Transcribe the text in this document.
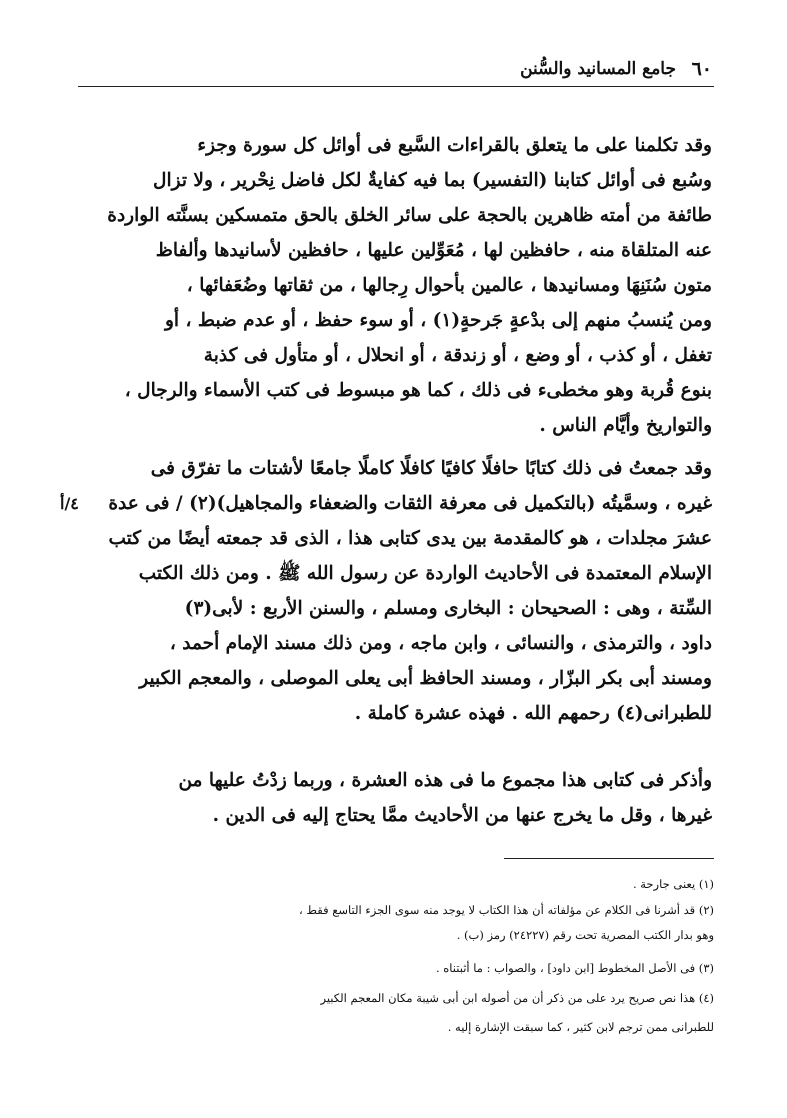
٦٠
جامع المسانيد والسُّنن
وقد تكلمنا على ما يتعلق بالقراءات السَّبع فى أوائل كل سورة وجزء
وسُبع فى أوائل كتابنا (التفسير) بما فيه كفايةٌ لكل فاضل نِحْرير ، ولا تزال
طائفة من أمته ظاهرين بالحجة على سائر الخلق بالحق متمسكين بسنَّته الواردة
عنه المتلقاة منه ، حافظين لها ، مُعَوِّلين عليها ، حافظين لأسانيدها وألفاظ
متون سُنَنِهَا ومسانيدها ، عالمين بأحوال رِجالها ، من ثقاتها وضُعَفائها ،
ومن يُنسبُ منهم إلى بدْعةٍ جَرحةٍ(١) ، أو سوء حفظ ، أو عدم ضبط ، أو
تغفل ، أو كذب ، أو وضع ، أو زندقة ، أو انحلال ، أو متأول فى كذبة
بنوع قُربة وهو مخطىء فى ذلك ، كما هو مبسوط فى كتب الأسماء والرجال ،
والتواريخ وأيَّام الناس .
٤/أ
وقد جمعتُ فى ذلك كتابًا حافلًا كافيًا كافلًا كاملًا جامعًا لأشتات ما تفرّق فى
غيره ، وسمَّيتُه (بالتكميل فى معرفة الثقات والضعفاء والمجاهيل)(٢) / فى عدة
عشرَ مجلدات ، هو كالمقدمة بين يدى كتابى هذا ، الذى قد جمعته أيضًا من كتب
الإسلام المعتمدة فى الأحاديث الواردة عن رسول الله ﷺ . ومن ذلك الكتب
السِّتة ، وهى : الصحيحان : البخارى ومسلم ، والسنن الأربع : لأبى(٣)
داود ، والترمذى ، والنسائى ، وابن ماجه ، ومن ذلك مسند الإمام أحمد ،
ومسند أبى بكر البزّار ، ومسند الحافظ أبى يعلى الموصلى ، والمعجم الكبير
للطبرانى(٤) رحمهم الله . فهذه عشرة كاملة .
وأذكر فى كتابى هذا مجموع ما فى هذه العشرة ، وربما زدْتُ عليها من
غيرها ، وقل ما يخرج عنها من الأحاديث ممَّا يحتاج إليه فى الدين .
(١) يعنى جارحة .
(٢) قد أشرنا فى الكلام عن مؤلفاته أن هذا الكتاب لا يوجد منه سوى الجزء التاسع فقط ،
وهو بدار الكتب المصرية تحت رقم (٢٤٢٢٧) رمز (ب) .
(٣) فى الأصل المخطوط [ابن داود] ، والصواب : ما أثبتناه .
(٤) هذا نص صريح يرد على من ذكر أن من أصوله ابن أبى شيبة مكان المعجم الكبير
للطبرانى ممن ترجم لابن كثير ، كما سبقت الإشارة إليه .
